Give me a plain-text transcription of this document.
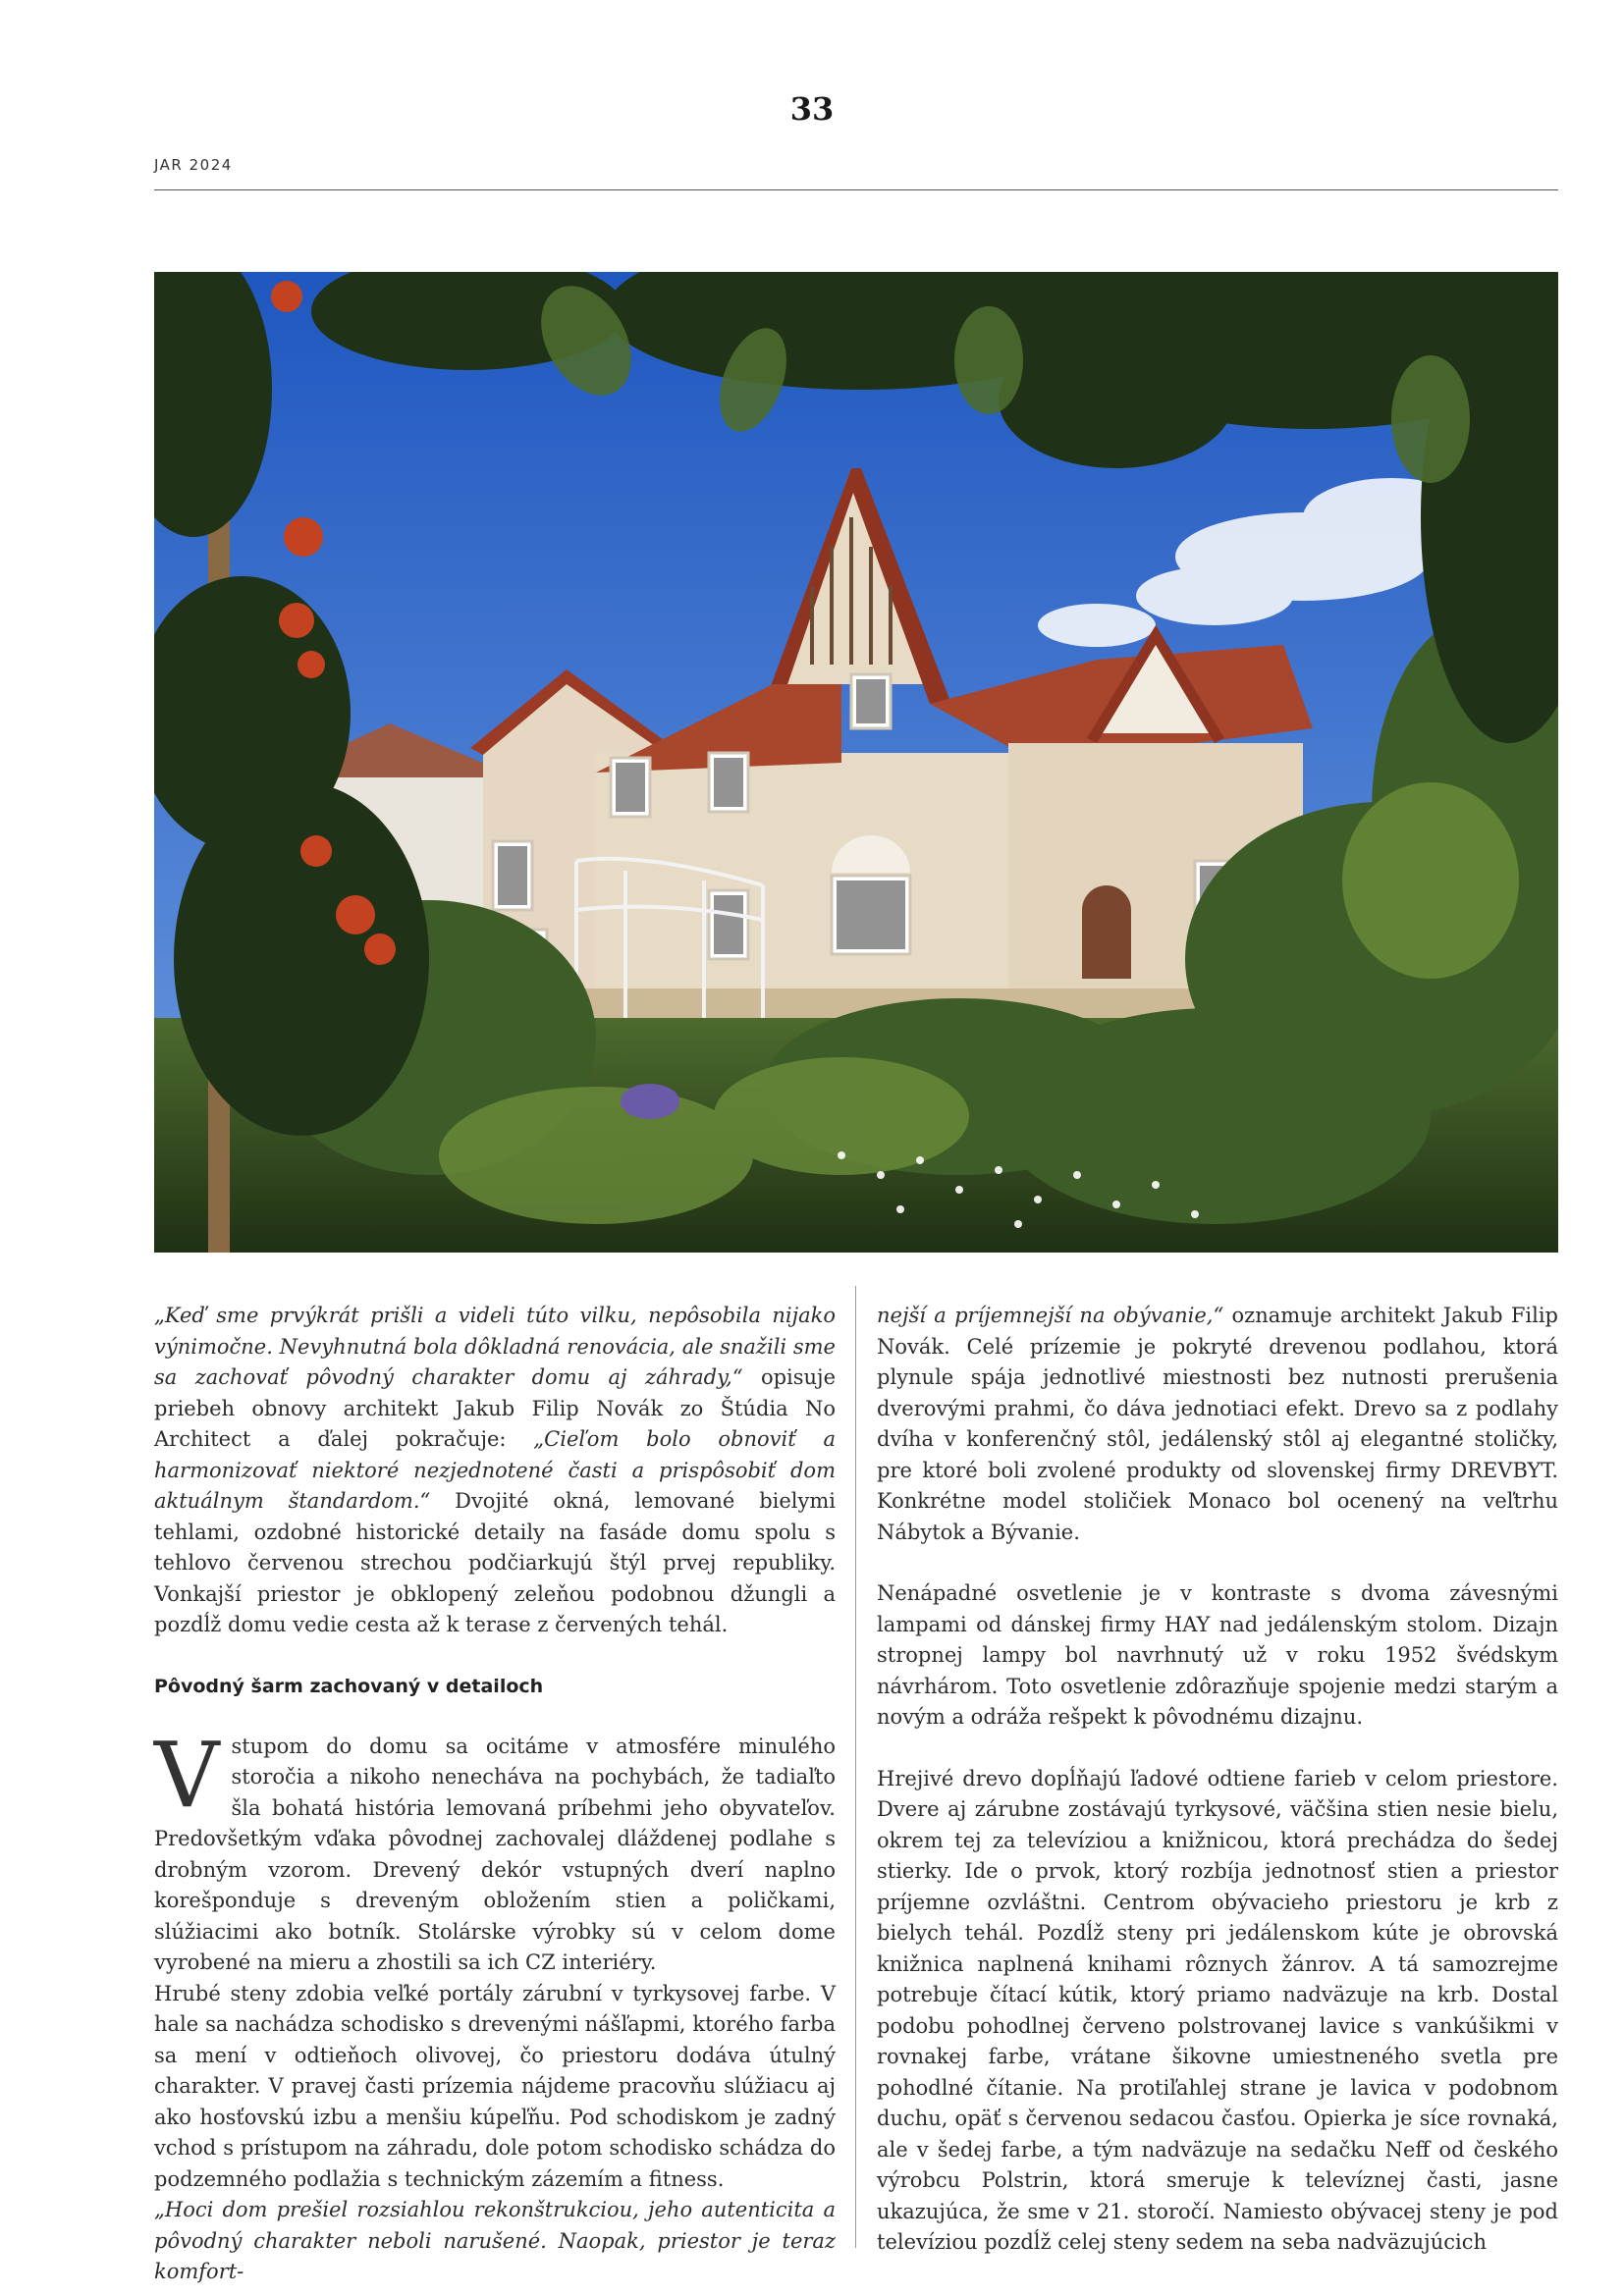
33
JAR 2024

„Keď sme prvýkrát prišli a videli túto vilku, nepôsobila nijako výnimočne. Nevyhnutná bola dôkladná renovácia, ale snažili sme sa zachovať pôvodný charakter domu aj záhrady,“ opisuje priebeh obnovy architekt Jakub Filip Novák zo Štúdia No Architect a ďalej pokračuje: „Cieľom bolo obnoviť a harmonizovať niektoré nezjednotené časti a prispôsobiť dom aktuálnym štandardom.“ Dvojité okná, lemované bielymi tehlami, ozdobné historické detaily na fasáde domu spolu s tehlovo červenou strechou podčiarkujú štýl prvej republiky. Vonkajší priestor je obklopený zeleňou podobnou džungli a pozdĺž domu vedie cesta až k terase z červených tehál.

Pôvodný šarm zachovaný v detailoch

Vstupom do domu sa ocitáme v atmosfére minulého storočia a nikoho nenecháva na pochybách, že tadiaľto šla bohatá história lemovaná príbehmi jeho obyvateľov. Predovšetkým vďaka pôvodnej zachovalej dláždenej podlahe s drobným vzorom. Drevený dekór vstupných dverí naplno korešponduje s dreveným obložením stien a poličkami, slúžiacimi ako botník. Stolárske výrobky sú v celom dome vyrobené na mieru a zhostili sa ich CZ interiéry.

Hrubé steny zdobia veľké portály zárubní v tyrkysovej farbe. V hale sa nachádza schodisko s drevenými nášľapmi, ktorého farba sa mení v odtieňoch olivovej, čo priestoru dodáva útulný charakter. V pravej časti prízemia nájdeme pracovňu slúžiacu aj ako hosťovskú izbu a menšiu kúpeľňu. Pod schodiskom je zadný vchod s prístupom na záhradu, dole potom schodisko schádza do podzemného podlažia s technickým zázemím a fitness.

„Hoci dom prešiel rozsiahlou rekonštrukciou, jeho autenticita a pôvodný charakter neboli narušené. Naopak, priestor je teraz komfort-

nejší a príjemnejší na obývanie,“ oznamuje architekt Jakub Filip Novák. Celé prízemie je pokryté drevenou podlahou, ktorá plynule spája jednotlivé miestnosti bez nutnosti prerušenia dverovými prahmi, čo dáva jednotiaci efekt. Drevo sa z podlahy dvíha v konferenčný stôl, jedálenský stôl aj elegantné stoličky, pre ktoré boli zvolené produkty od slovenskej firmy DREVBYT. Konkrétne model stoličiek Monaco bol ocenený na veľtrhu Nábytok a Bývanie.

Nenápadné osvetlenie je v kontraste s dvoma závesnými lampami od dánskej firmy HAY nad jedálenským stolom. Dizajn stropnej lampy bol navrhnutý už v roku 1952 švédskym návrhárom. Toto osvetlenie zdôrazňuje spojenie medzi starým a novým a odráža rešpekt k pôvodnému dizajnu.

Hrejivé drevo dopĺňajú ľadové odtiene farieb v celom priestore. Dvere aj zárubne zostávajú tyrkysové, väčšina stien nesie bielu, okrem tej za televíziou a knižnicou, ktorá prechádza do šedej stierky. Ide o prvok, ktorý rozbíja jednotnosť stien a priestor príjemne ozvláštni. Centrom obývacieho priestoru je krb z bielych tehál. Pozdĺž steny pri jedálenskom kúte je obrovská knižnica naplnená knihami rôznych žánrov. A tá samozrejme potrebuje čítací kútik, ktorý priamo nadväzuje na krb. Dostal podobu pohodlnej červeno polstrovanej lavice s vankúšikmi v rovnakej farbe, vrátane šikovne umiestneného svetla pre pohodlné čítanie. Na protiľahlej strane je lavica v podobnom duchu, opäť s červenou sedacou časťou. Opierka je síce rovnaká, ale v šedej farbe, a tým nadväzuje na sedačku Neff od českého výrobcu Polstrin, ktorá smeruje k televíznej časti, jasne ukazujúca, že sme v 21. storočí. Namiesto obývacej steny je pod televíziou pozdĺž celej steny sedem na seba nadväzujúcich
